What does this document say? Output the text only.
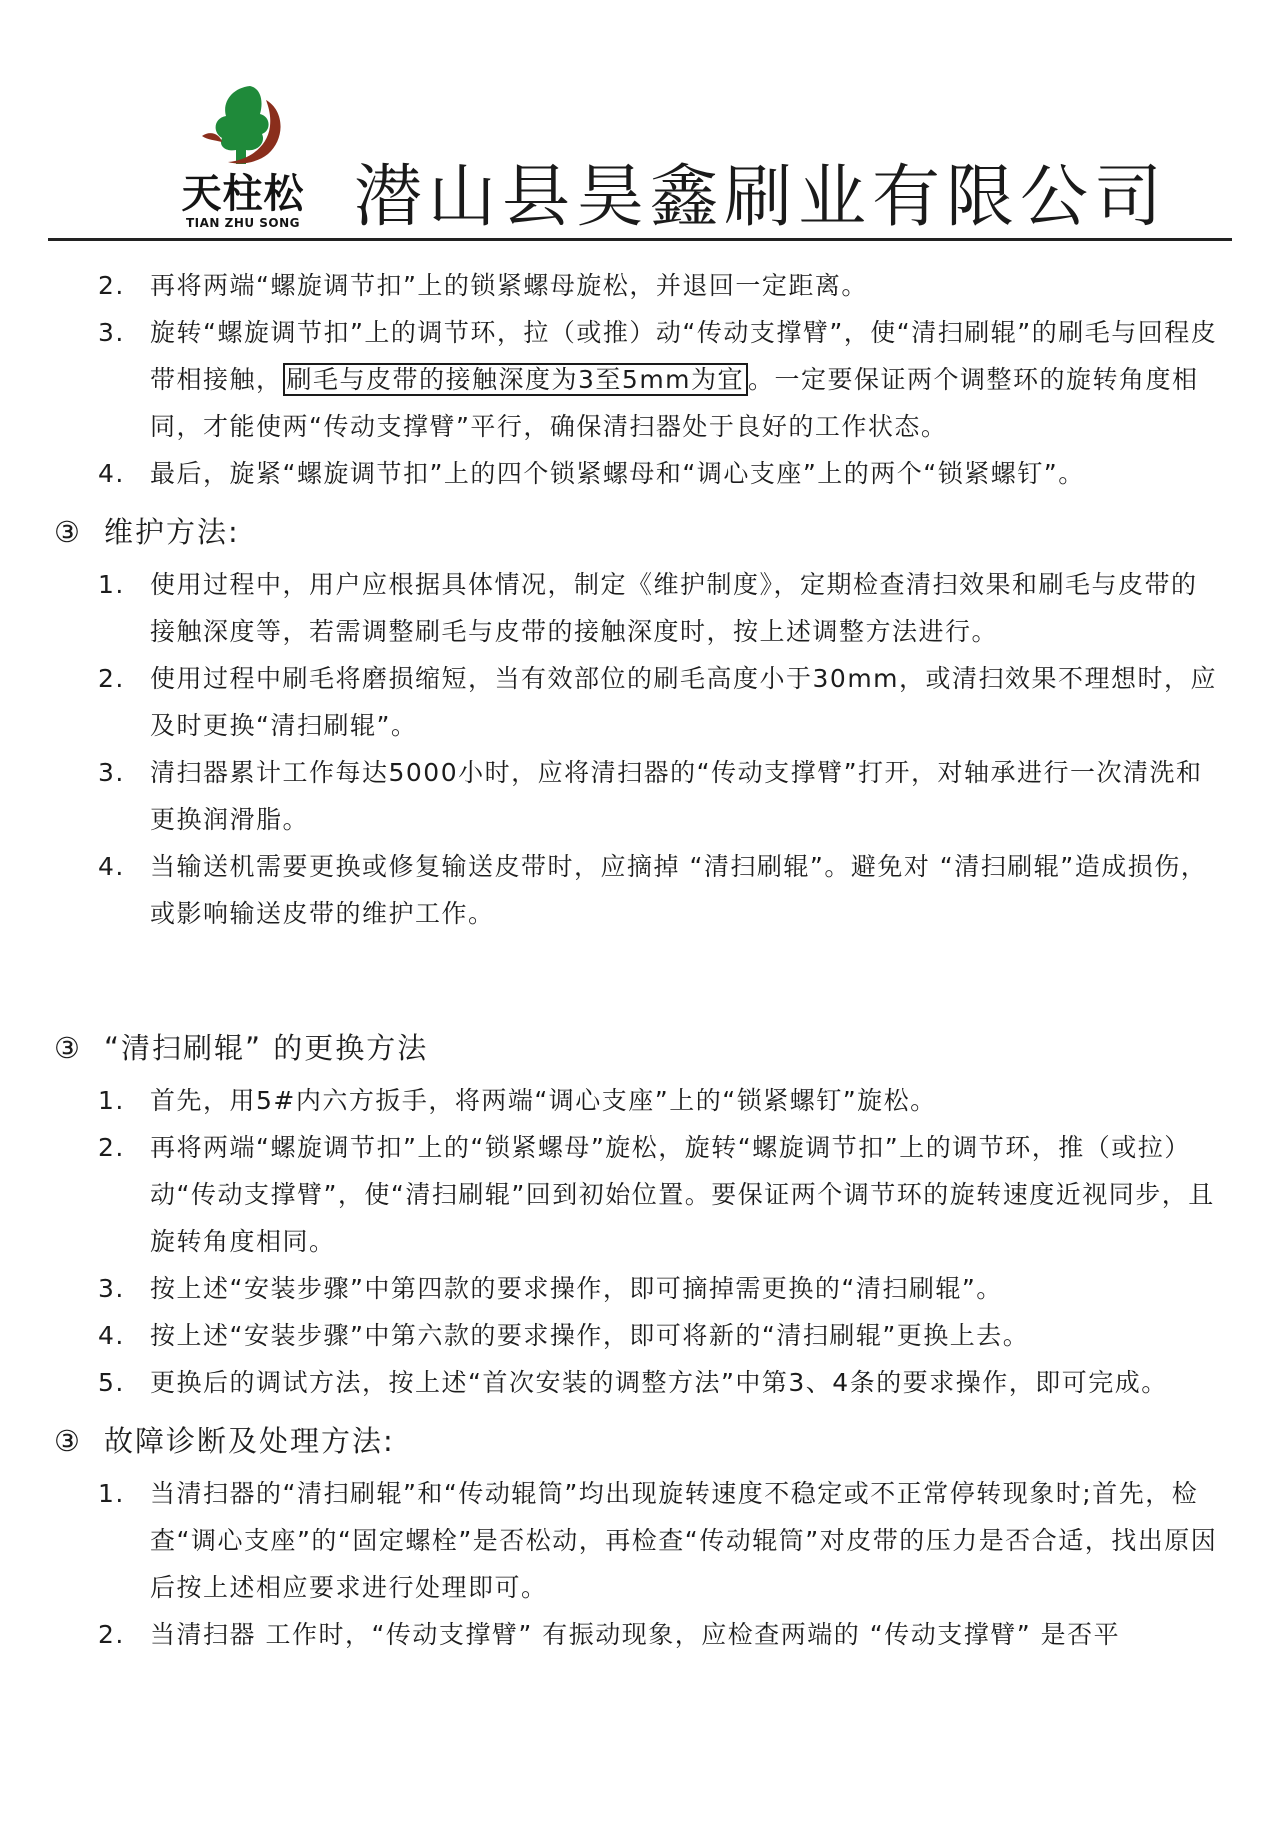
天柱松
TIAN ZHU SONG 潜山县昊鑫刷业有限公司
2.	再将两端“螺旋调节扣”上的锁紧螺母旋松，并退回一定距离。
3.	旋转“螺旋调节扣”上的调节环，拉（或推）动“传动支撑臂”，使“清扫刷辊”的刷毛与回程皮带相接触， 刷毛与皮带的接触深度为3至5mm为宜 。一定要保证两个调整环的旋转角度相同，才能使两“传动支撑臂”平行，确保清扫器处于良好的工作状态。
4.	最后，旋紧“螺旋调节扣”上的四个锁紧螺母和“调心支座”上的两个“锁紧螺钉”。
③ 维护方法:
1.	使用过程中，用户应根据具体情况，制定《维护制度》，定期检查清扫效果和刷毛与皮带的接触深度等，若需调整刷毛与皮带的接触深度时，按上述调整方法进行。
2.	使用过程中刷毛将磨损缩短，当有效部位的刷毛高度小于30mm，或清扫效果不理想时，应及时更换“清扫刷辊”。
3.	清扫器累计工作每达5000小时，应将清扫器的“传动支撑臂”打开，对轴承进行一次清洗和更换润滑脂。
4.	当输送机需要更换或修复输送皮带时，应摘掉 “清扫刷辊”。避免对 “清扫刷辊”造成损伤，或影响输送皮带的维护工作。
③ “清扫刷辊” 的更换方法
1.	首先，用5#内六方扳手，将两端“调心支座”上的“锁紧螺钉”旋松。
2.	再将两端“螺旋调节扣”上的“锁紧螺母”旋松，旋转“螺旋调节扣”上的调节环，推（或拉）动“传动支撑臂”，使“清扫刷辊”回到初始位置。要保证两个调节环的旋转速度近视同步，且旋转角度相同。
3.	按上述“安装步骤”中第四款的要求操作，即可摘掉需更换的“清扫刷辊”。
4.	按上述“安装步骤”中第六款的要求操作，即可将新的“清扫刷辊”更换上去。
5.	更换后的调试方法，按上述“首次安装的调整方法”中第3、4条的要求操作，即可完成。
③ 故障诊断及处理方法:
1.	当清扫器的“清扫刷辊”和“传动辊筒”均出现旋转速度不稳定或不正常停转现象时;首先，检查“调心支座”的“固定螺栓”是否松动，再检查“传动辊筒”对皮带的压力是否合适，找出原因后按上述相应要求进行处理即可。
2.	当清扫器 工作时，“传动支撑臂” 有振动现象，应检查两端的 “传动支撑臂” 是否平
